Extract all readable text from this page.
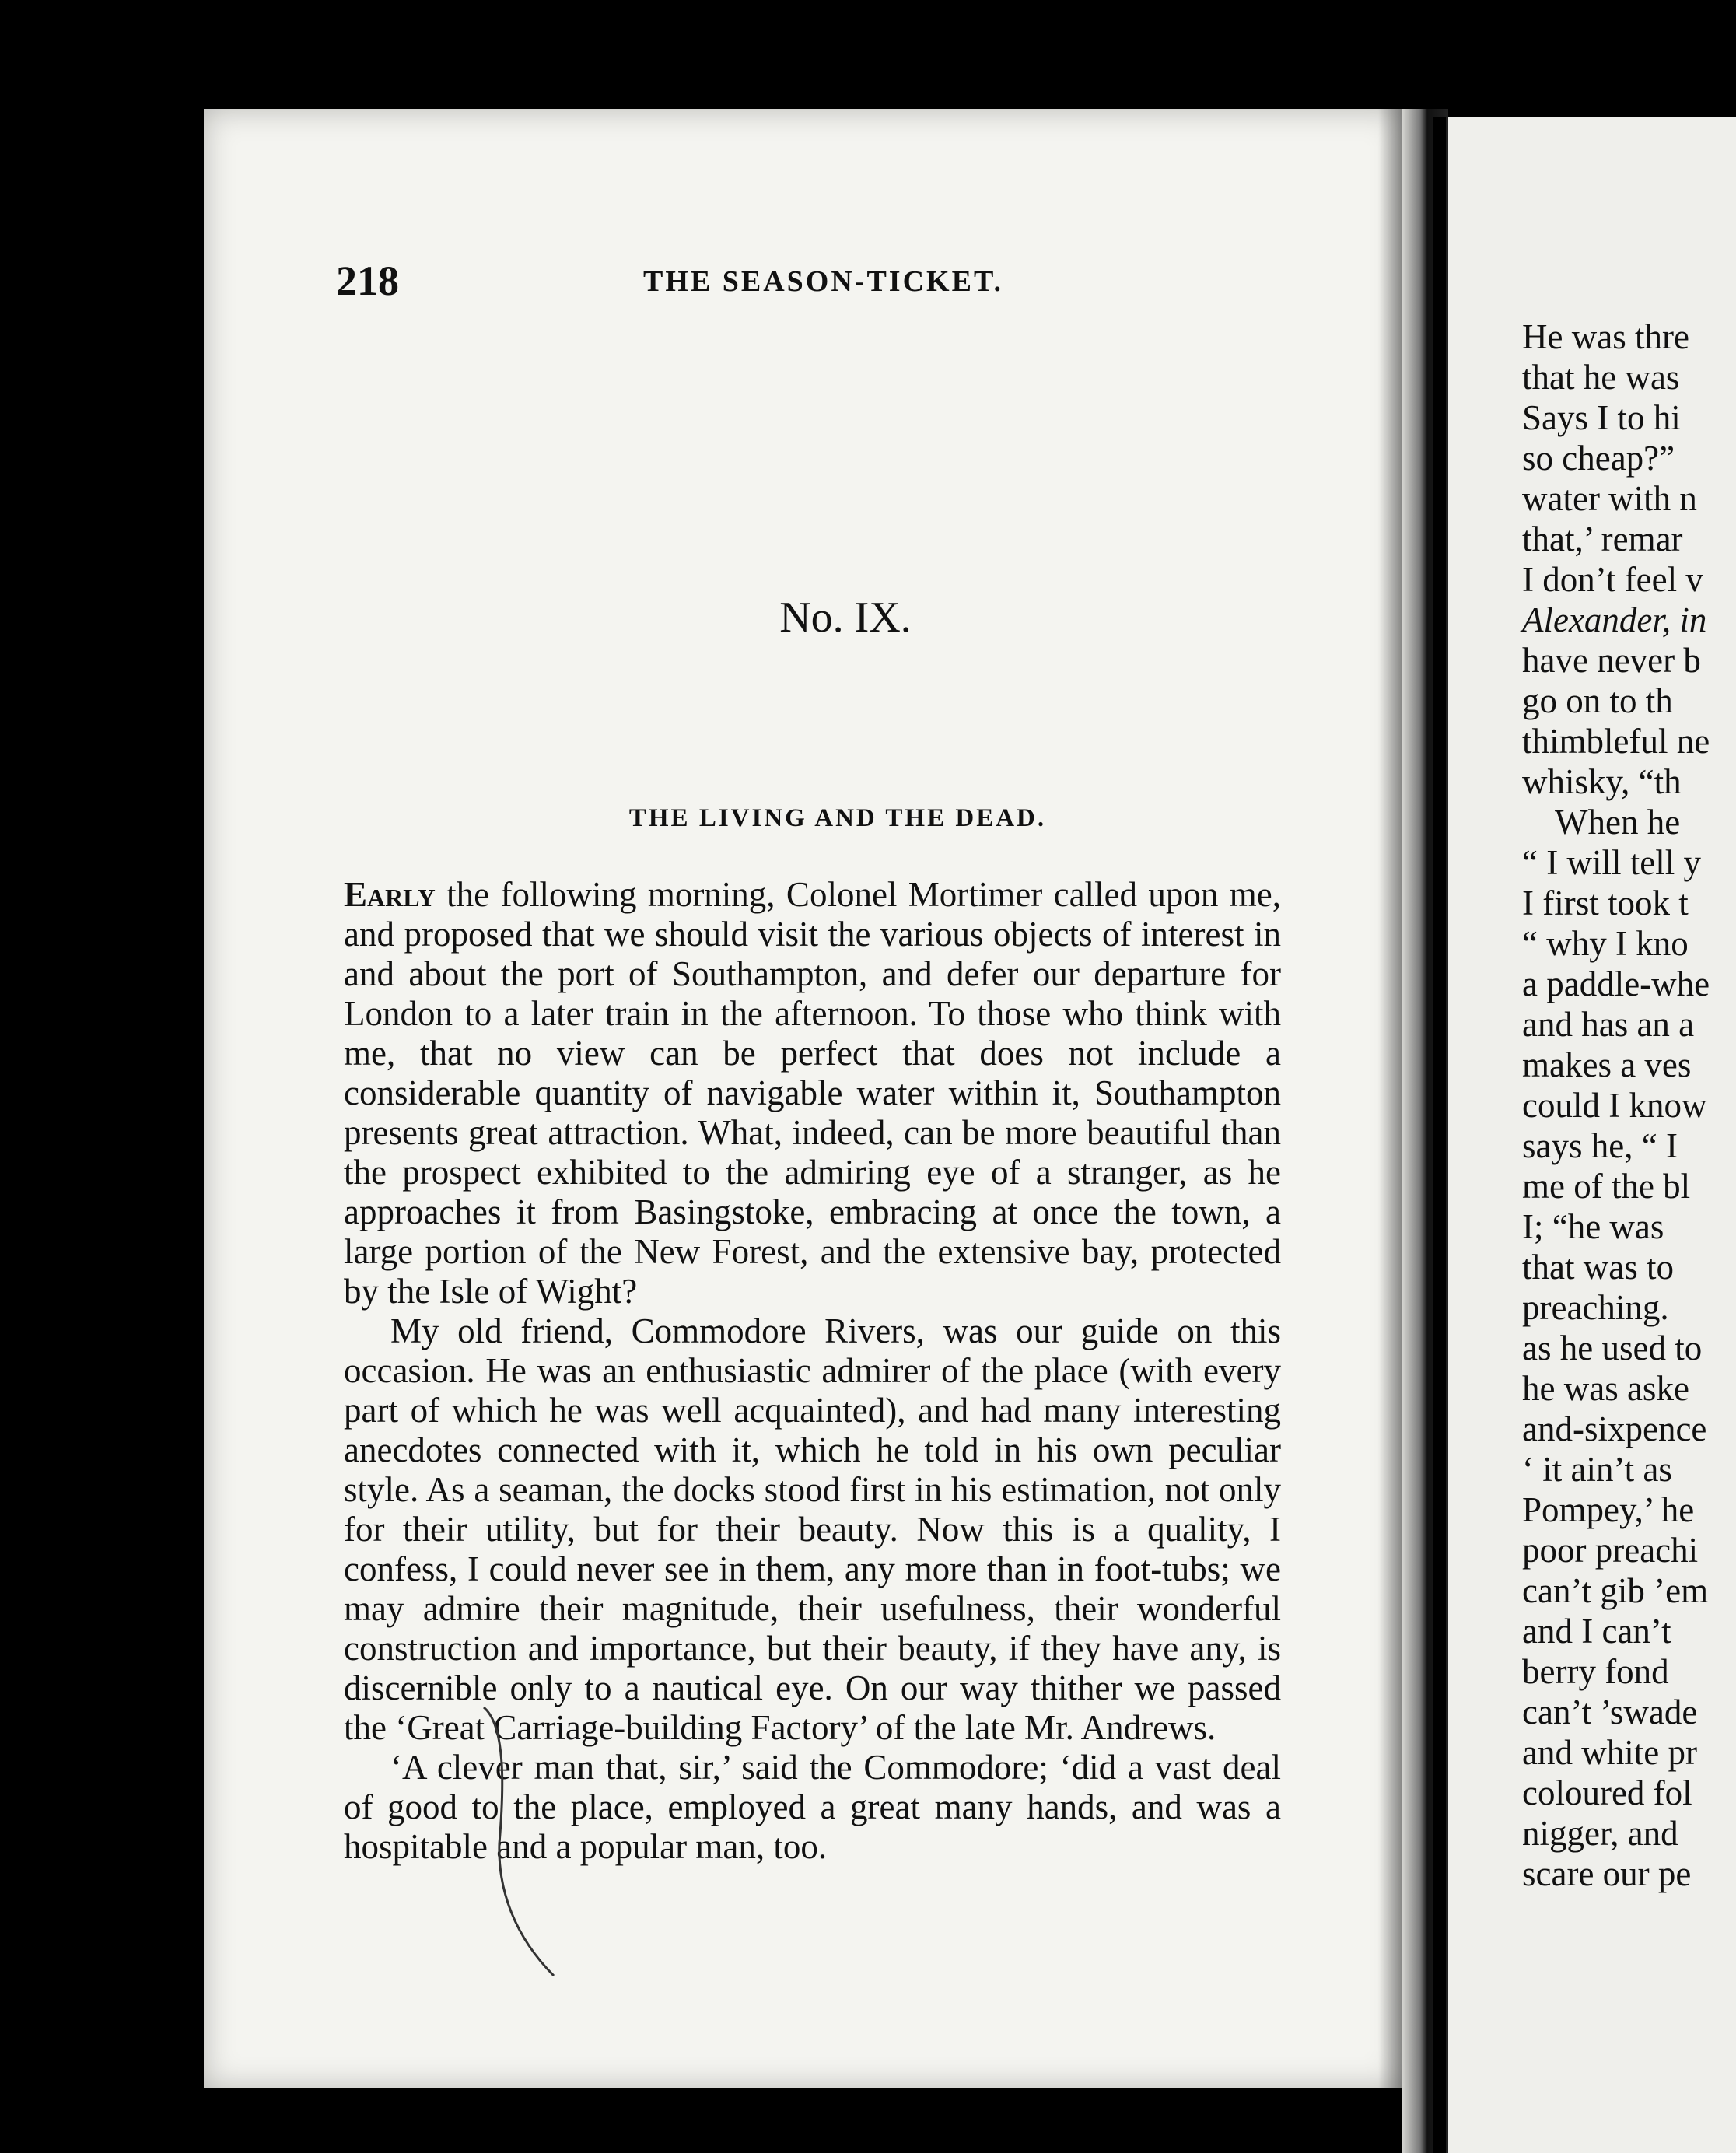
218	THE SEASON-TICKET.
No. IX.
THE LIVING AND THE DEAD.

Early the following morning, Colonel Mortimer called upon me, and proposed that we should visit the various objects of interest in and about the port of Southampton, and defer our departure for London to a later train in the afternoon. To those who think with me, that no view can be perfect that does not include a considerable quantity of navigable water within it, Southampton presents great attraction. What, indeed, can be more beautiful than the prospect exhibited to the admiring eye of a stranger, as he approaches it from Basingstoke, embracing at once the town, a large portion of the New Forest, and the extensive bay, protected by the Isle of Wight?

My old friend, Commodore Rivers, was our guide on this occasion. He was an enthusiastic admirer of the place (with every part of which he was well acquainted), and had many interesting anecdotes connected with it, which he told in his own peculiar style. As a seaman, the docks stood first in his estimation, not only for their utility, but for their beauty. Now this is a quality, I confess, I could never see in them, any more than in foot-tubs; we may admire their magnitude, their usefulness, their wonderful construction and importance, but their beauty, if they have any, is discernible only to a nautical eye. On our way thither we passed the ‘Great Carriage-building Factory’ of the late Mr. Andrews.

‘A clever man that, sir,’ said the Commodore; ‘did a vast deal of good to the place, employed a great many hands, and was a hospitable and a popular man, too.

He was thre
that he was
Says I to hi
so cheap?”
water with n
that,’ remar
I don’t feel v
Alexander, in
have never b
go on to th
thimbleful ne
whisky, “th
When he
“ I will tell y
I first took t
“ why I kno
a paddle-whe
and has an a
makes a ves
could I know
says he, “ I
me of the bl
I; “he was
that was to
preaching.
as he used to
he was aske
and-sixpence
‘ it ain’t as
Pompey,’ he
poor preachi
can’t gib ’em
and I can’t
berry fond
can’t ’swade
and white pr
coloured fol
nigger, and
scare our pe
